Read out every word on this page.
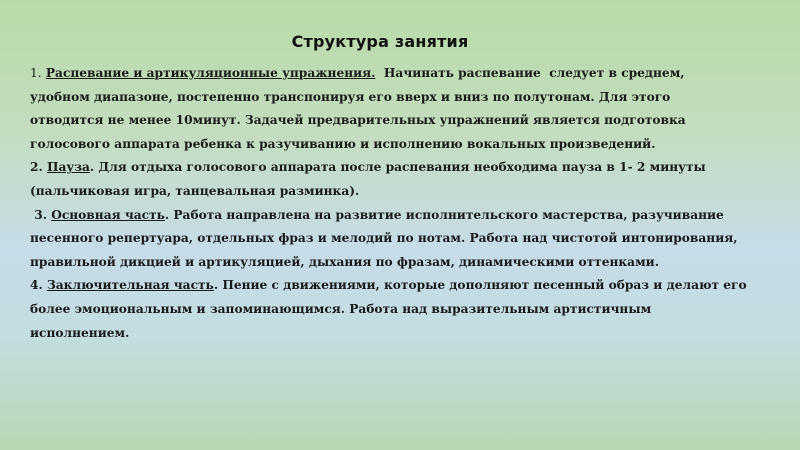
Структура занятия
1. Распевание и артикуляционные упражнения.  Начинать распевание  следует в среднем,
удобном диапазоне, постепенно транспонируя его вверх и вниз по полутонам. Для этого
отводится не менее 10минут. Задачей предварительных упражнений является подготовка
голосового аппарата ребенка к разучиванию и исполнению вокальных произведений.
2. Пауза. Для отдыха голосового аппарата после распевания необходима пауза в 1- 2 минуты
(пальчиковая игра, танцевальная разминка).
3. Основная часть. Работа направлена на развитие исполнительского мастерства, разучивание
песенного репертуара, отдельных фраз и мелодий по нотам. Работа над чистотой интонирования,
правильной дикцией и артикуляцией, дыхания по фразам, динамическими оттенками.
4. Заключительная часть. Пение с движениями, которые дополняют песенный образ и делают его
более эмоциональным и запоминающимся. Работа над выразительным артистичным
исполнением.
